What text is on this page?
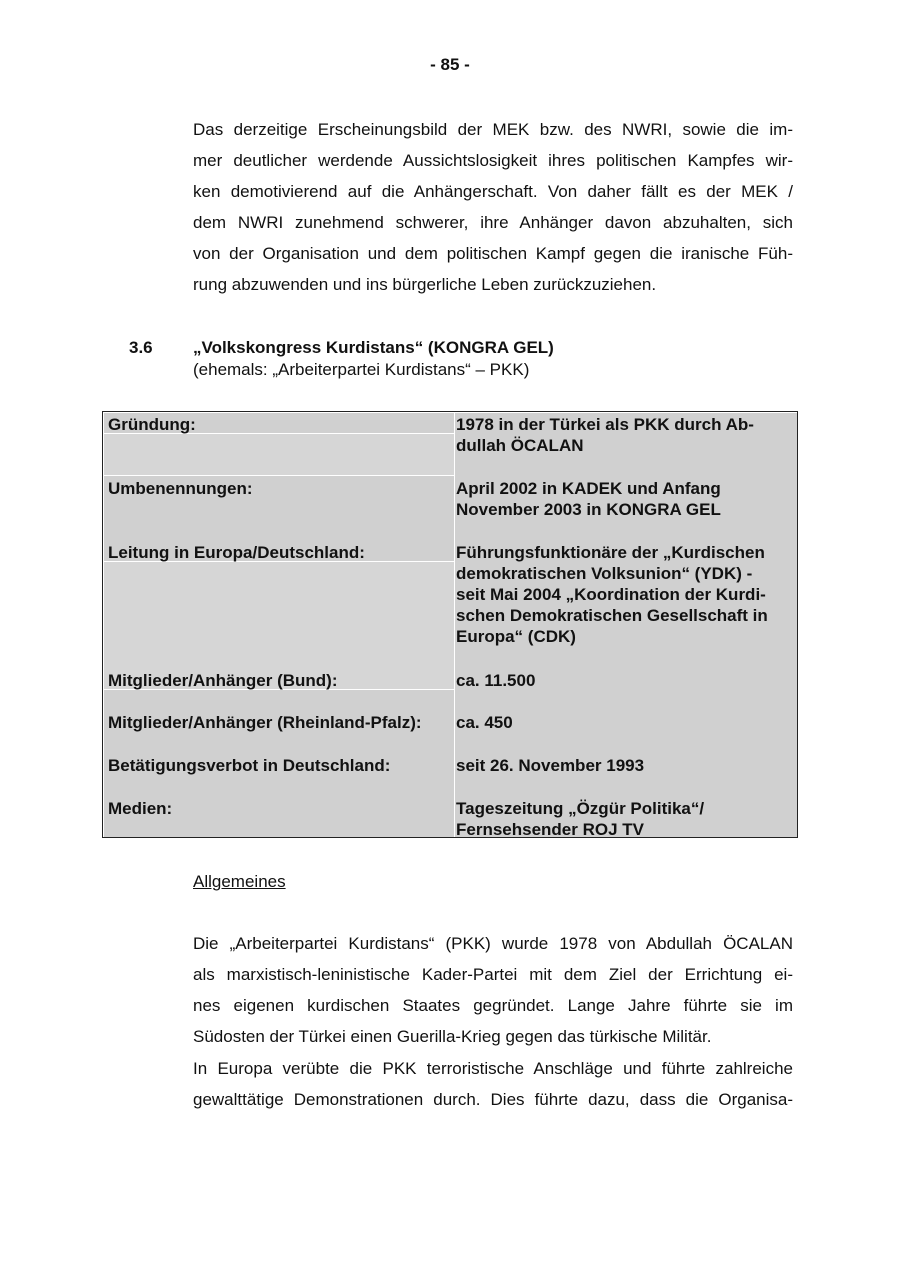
- 85 -
Das derzeitige Erscheinungsbild der MEK bzw. des NWRI, sowie die im-
mer deutlicher werdende Aussichtslosigkeit ihres politischen Kampfes wir-
ken demotivierend auf die Anhängerschaft. Von daher fällt es der MEK /
dem NWRI zunehmend schwerer, ihre Anhänger davon abzuhalten, sich
von der Organisation und dem politischen Kampf gegen die iranische Füh-
rung abzuwenden und ins bürgerliche Leben zurückzuziehen.
3.6 „Volkskongress Kurdistans“ (KONGRA GEL)
(ehemals: „Arbeiterpartei Kurdistans“ – PKK)
Gründung:	1978 in der Türkei als PKK durch Ab-
dullah ÖCALAN
Umbenennungen:	April 2002 in KADEK und Anfang
November 2003 in KONGRA GEL
Leitung in Europa/Deutschland:	Führungsfunktionäre der „Kurdischen
demokratischen Volksunion“ (YDK) -
seit Mai 2004 „Koordination der Kurdi-
schen Demokratischen Gesellschaft in
Europa“ (CDK)
Mitglieder/Anhänger (Bund):	ca. 11.500
Mitglieder/Anhänger (Rheinland-Pfalz):	ca. 450
Betätigungsverbot in Deutschland:	seit 26. November 1993
Medien:	Tageszeitung „Özgür Politika“/
Fernsehsender ROJ TV
Allgemeines
Die „Arbeiterpartei Kurdistans“ (PKK) wurde 1978 von Abdullah ÖCALAN
als marxistisch-leninistische Kader-Partei mit dem Ziel der Errichtung ei-
nes eigenen kurdischen Staates gegründet. Lange Jahre führte sie im
Südosten der Türkei einen Guerilla-Krieg gegen das türkische Militär.
In Europa verübte die PKK terroristische Anschläge und führte zahlreiche
gewalttätige Demonstrationen durch. Dies führte dazu, dass die Organisa-
